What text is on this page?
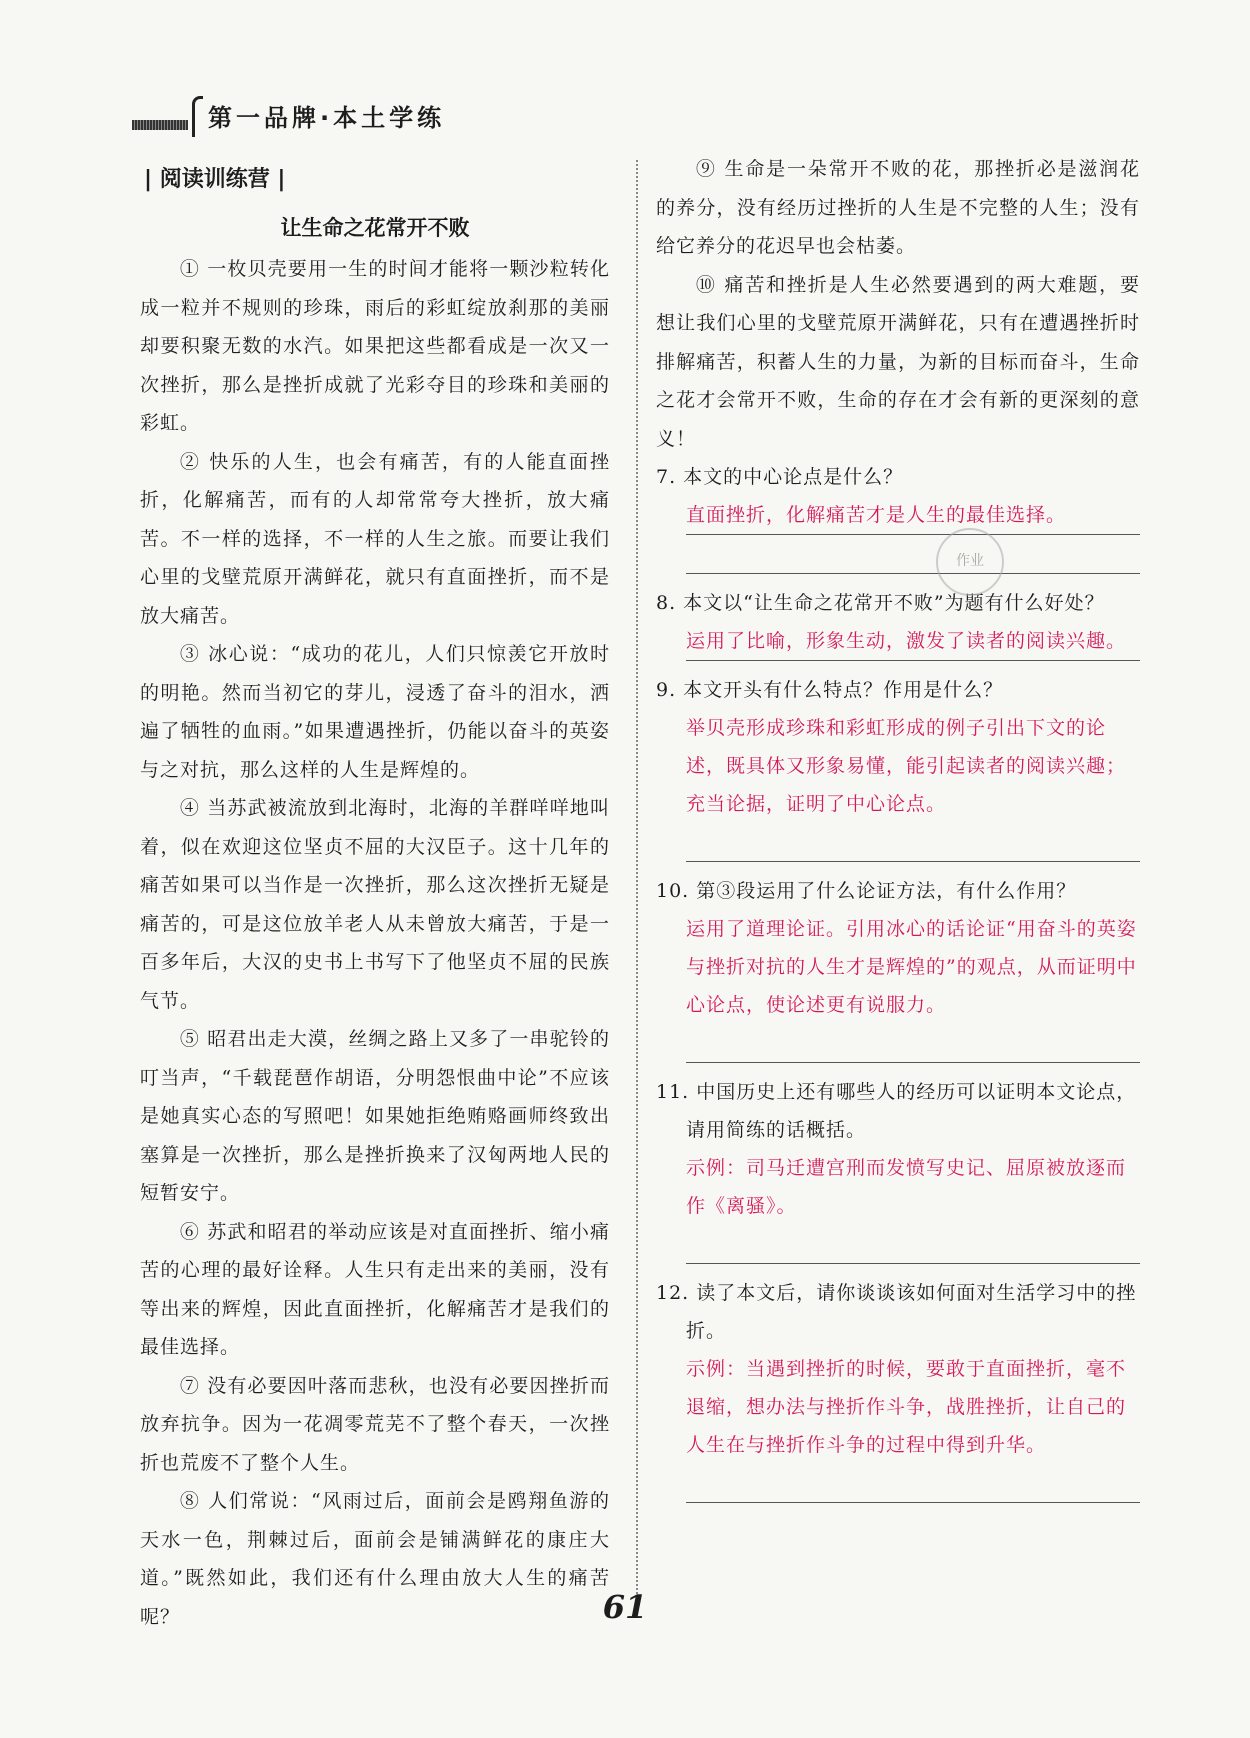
第一品牌·本土学练
| 阅读训练营 |
让生命之花常开不败

① 一枚贝壳要用一生的时间才能将一颗沙粒转化成一粒并不规则的珍珠，雨后的彩虹绽放刹那的美丽却要积聚无数的水汽。如果把这些都看成是一次又一次挫折，那么是挫折成就了光彩夺目的珍珠和美丽的彩虹。

② 快乐的人生，也会有痛苦，有的人能直面挫折，化解痛苦，而有的人却常常夸大挫折，放大痛苦。不一样的选择，不一样的人生之旅。而要让我们心里的戈壁荒原开满鲜花，就只有直面挫折，而不是放大痛苦。

③ 冰心说：“成功的花儿，人们只惊羡它开放时的明艳。然而当初它的芽儿，浸透了奋斗的泪水，洒遍了牺牲的血雨。”如果遭遇挫折，仍能以奋斗的英姿与之对抗，那么这样的人生是辉煌的。

④ 当苏武被流放到北海时，北海的羊群咩咩地叫着，似在欢迎这位坚贞不屈的大汉臣子。这十几年的痛苦如果可以当作是一次挫折，那么这次挫折无疑是痛苦的，可是这位放羊老人从未曾放大痛苦，于是一百多年后，大汉的史书上书写下了他坚贞不屈的民族气节。

⑤ 昭君出走大漠，丝绸之路上又多了一串驼铃的叮当声，“千载琵琶作胡语，分明怨恨曲中论”不应该是她真实心态的写照吧！如果她拒绝贿赂画师终致出塞算是一次挫折，那么是挫折换来了汉匈两地人民的短暂安宁。

⑥ 苏武和昭君的举动应该是对直面挫折、缩小痛苦的心理的最好诠释。人生只有走出来的美丽，没有等出来的辉煌，因此直面挫折，化解痛苦才是我们的最佳选择。

⑦ 没有必要因叶落而悲秋，也没有必要因挫折而放弃抗争。因为一花凋零荒芜不了整个春天，一次挫折也荒废不了整个人生。

⑧ 人们常说：“风雨过后，面前会是鸥翔鱼游的天水一色，荆棘过后，面前会是铺满鲜花的康庄大道。”既然如此，我们还有什么理由放大人生的痛苦呢？

⑨ 生命是一朵常开不败的花，那挫折必是滋润花的养分，没有经历过挫折的人生是不完整的人生；没有给它养分的花迟早也会枯萎。

⑩ 痛苦和挫折是人生必然要遇到的两大难题，要想让我们心里的戈壁荒原开满鲜花，只有在遭遇挫折时排解痛苦，积蓄人生的力量，为新的目标而奋斗，生命之花才会常开不败，生命的存在才会有新的更深刻的意义！

7. 本文的中心论点是什么？

直面挫折，化解痛苦才是人生的最佳选择。

8. 本文以“让生命之花常开不败”为题有什么好处？

运用了比喻，形象生动，激发了读者的阅读兴趣。

9. 本文开头有什么特点？作用是什么？

举贝壳形成珍珠和彩虹形成的例子引出下文的论述，既具体又形象易懂，能引起读者的阅读兴趣；充当论据，证明了中心论点。

10. 第③段运用了什么论证方法，有什么作用？

运用了道理论证。引用冰心的话论证“用奋斗的英姿与挫折对抗的人生才是辉煌的”的观点，从而证明中心论点，使论述更有说服力。

11. 中国历史上还有哪些人的经历可以证明本文论点，请用简练的话概括。

示例：司马迁遭宫刑而发愤写史记、屈原被放逐而作《离骚》。

12. 读了本文后，请你谈谈该如何面对生活学习中的挫折。

示例：当遇到挫折的时候，要敢于直面挫折，毫不退缩，想办法与挫折作斗争，战胜挫折，让自己的人生在与挫折作斗争的过程中得到升华。

作业
61
